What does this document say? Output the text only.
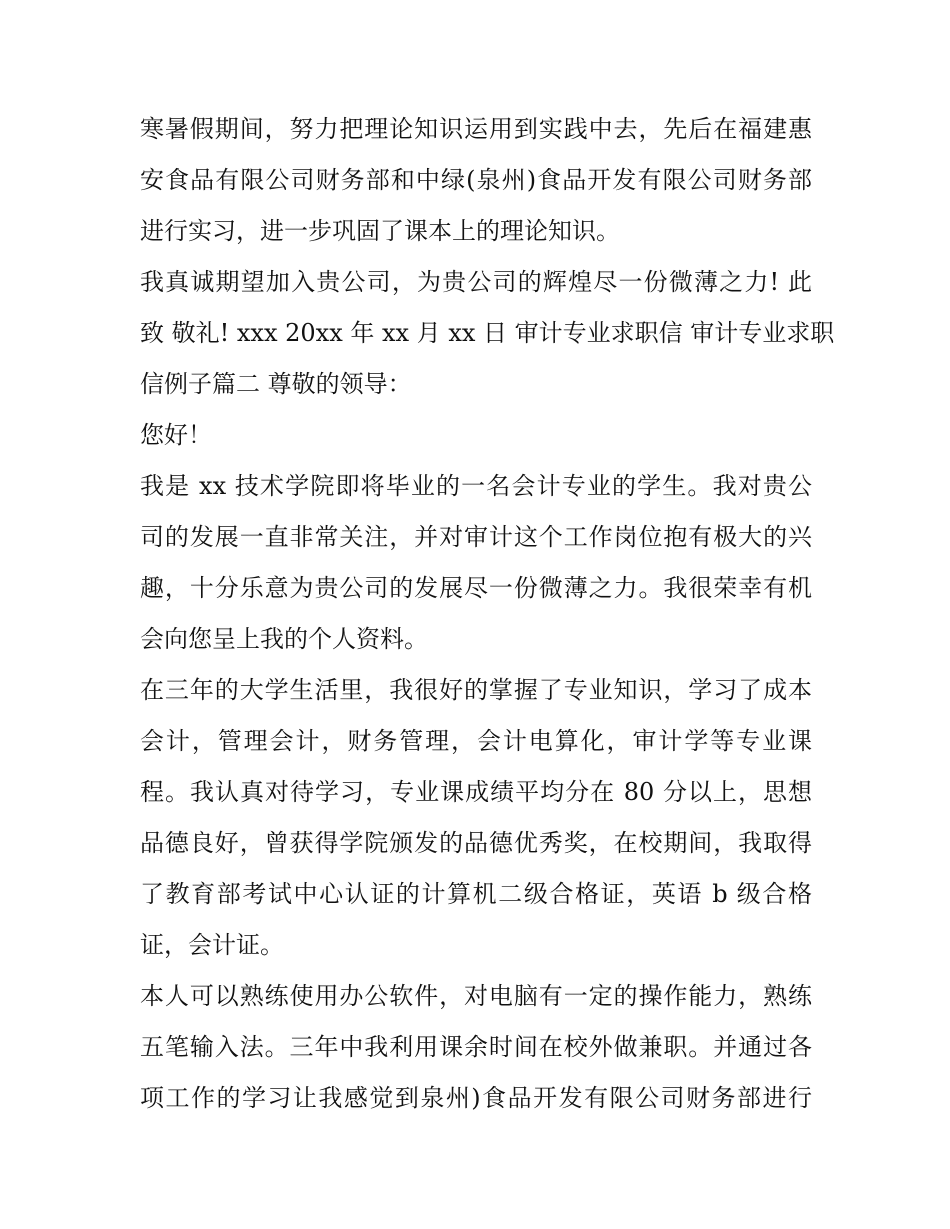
寒暑假期间，努力把理论知识运用到实践中去，先后在福建惠
安食品有限公司财务部和中绿(泉州)食品开发有限公司财务部
进行实习，进一步巩固了课本上的理论知识。
我真诚期望加入贵公司，为贵公司的辉煌尽一份微薄之力! 此
致 敬礼! xxx 20xx 年 xx 月 xx 日 审计专业求职信 审计专业求职
信例子篇二 尊敬的领导：
您好！
我是 xx 技术学院即将毕业的一名会计专业的学生。我对贵公
司的发展一直非常关注，并对审计这个工作岗位抱有极大的兴
趣，十分乐意为贵公司的发展尽一份微薄之力。我很荣幸有机
会向您呈上我的个人资料。
在三年的大学生活里，我很好的掌握了专业知识，学习了成本
会计，管理会计，财务管理，会计电算化，审计学等专业课
程。我认真对待学习，专业课成绩平均分在 80 分以上，思想
品德良好，曾获得学院颁发的品德优秀奖，在校期间，我取得
了教育部考试中心认证的计算机二级合格证，英语 b 级合格
证，会计证。
本人可以熟练使用办公软件，对电脑有一定的操作能力，熟练
五笔输入法。三年中我利用课余时间在校外做兼职。并通过各
项工作的学习让我感觉到泉州)食品开发有限公司财务部进行
